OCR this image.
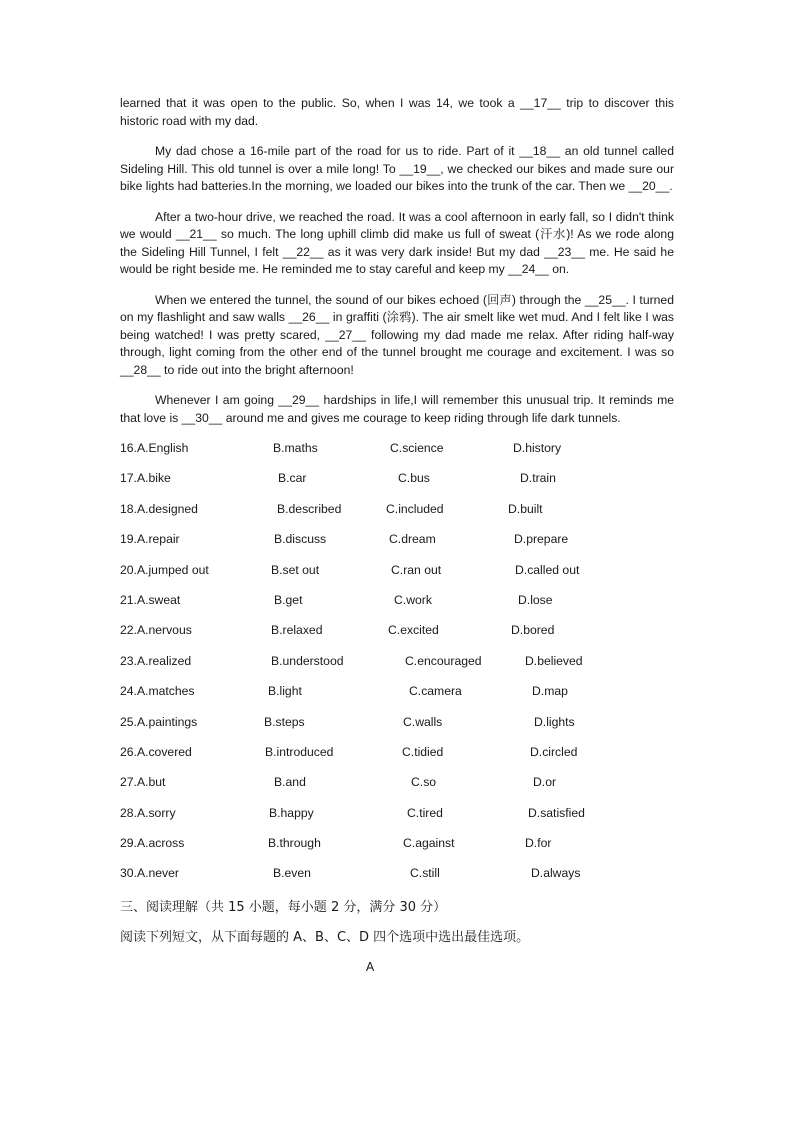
learned that it was open to the public. So, when I was 14, we took a __17__ trip to discover this historic road with my dad.

My dad chose a 16-mile part of the road for us to ride. Part of it __18__ an old tunnel called Sideling Hill. This old tunnel is over a mile long! To __19__, we checked our bikes and made sure our bike lights had batteries.In the morning, we loaded our bikes into the trunk of the car. Then we __20__.

After a two-hour drive, we reached the road. It was a cool afternoon in early fall, so I didn't think we would __21__ so much. The long uphill climb did make us full of sweat (汗水)! As we rode along the Sideling Hill Tunnel, I felt __22__ as it was very dark inside! But my dad __23__ me. He said he would be right beside me. He reminded me to stay careful and keep my __24__ on.

When we entered the tunnel, the sound of our bikes echoed (回声) through the __25__. I turned on my flashlight and saw walls __26__ in graffiti (涂鸦). The air smelt like wet mud. And I felt like I was being watched! I was pretty scared, __27__ following my dad made me relax. After riding half-way through, light coming from the other end of the tunnel brought me courage and excitement. I was so __28__ to ride out into the bright afternoon!

Whenever I am going __29__ hardships in life,I will remember this unusual trip. It reminds me that love is __30__ around me and gives me courage to keep riding through life dark tunnels.

16.A.English	B.maths	C.science	D.history
17.A.bike	B.car	C.bus	D.train
18.A.designed	B.described	C.included	D.built
19.A.repair	B.discuss	C.dream	D.prepare
20.A.jumped out	B.set out	C.ran out	D.called out
21.A.sweat	B.get	C.work	D.lose
22.A.nervous	B.relaxed	C.excited	D.bored
23.A.realized	B.understood	C.encouraged	D.believed
24.A.matches	B.light	C.camera	D.map
25.A.paintings	B.steps	C.walls	D.lights
26.A.covered	B.introduced	C.tidied	D.circled
27.A.but	B.and	C.so	D.or
28.A.sorry	B.happy	C.tired	D.satisfied
29.A.across	B.through	C.against	D.for
30.A.never	B.even	C.still	D.always
三、阅读理解（共 15 小题，每小题 2 分，满分 30 分）
阅读下列短文，从下面每题的 A、B、C、D 四个选项中选出最佳选项。
A
